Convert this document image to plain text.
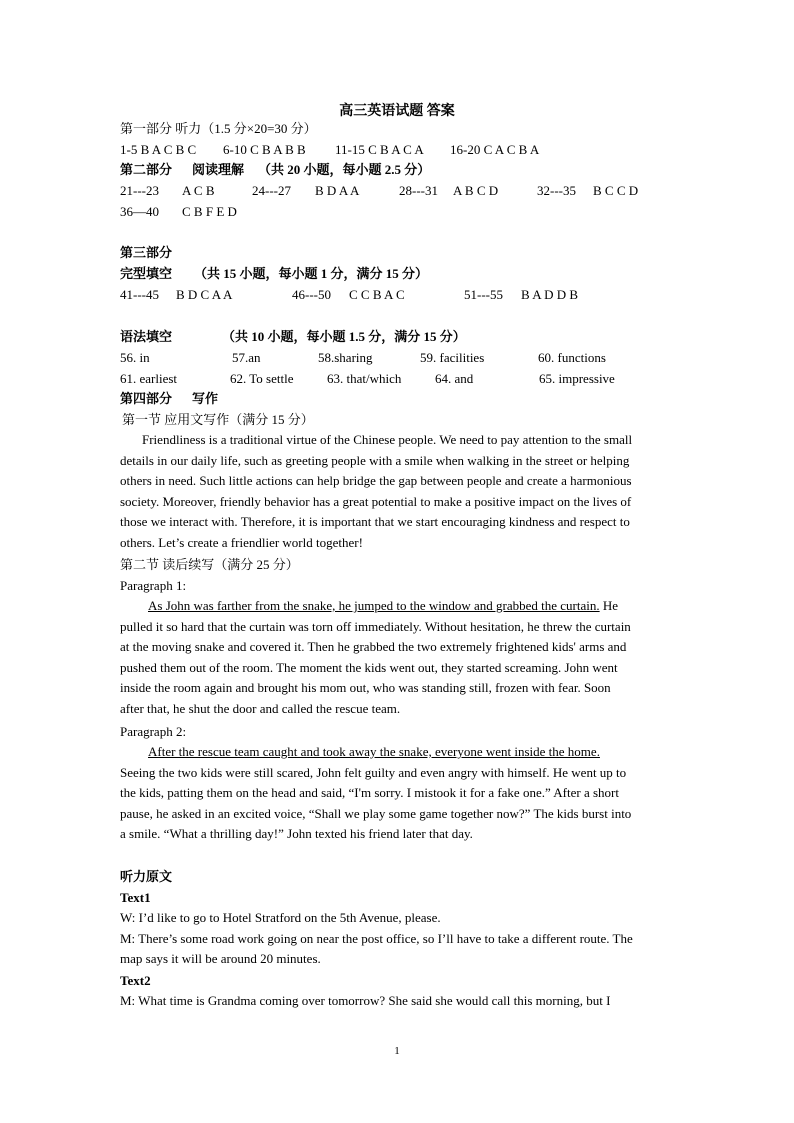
高三英语试题 答案
第一部分 听力（1.5 分×20=30 分）
1-5 B A C B C 6-10 C B A B B 11-15 C B A C A 16-20 C A C B A
第二部分 阅读理解 （共 20 小题，每小题 2.5 分）
21---23 A C B	24---27 B D A A	28---31 A B C D	32---35 B C C D
36—40 C B F E D
第三部分
完型填空 （共 15 小题，每小题 1 分，满分 15 分）
41---45 B D C A A	46---50 C C B A C	51---55 B A D D B
语法填空	（共 10 小题，每小题 1.5 分，满分 15 分）
56. in	57.an	58.sharing	59. facilities	60. functions
61. earliest	62. To settle	63. that/which	64. and	65. impressive
第四部分 写作
第一节 应用文写作（满分 15 分）
Friendliness is a traditional virtue of the Chinese people. We need to pay attention to the small
details in our daily life, such as greeting people with a smile when walking in the street or helping
others in need. Such little actions can help bridge the gap between people and create a harmonious
society. Moreover, friendly behavior has a great potential to make a positive impact on the lives of
those we interact with. Therefore, it is important that we start encouraging kindness and respect to
others. Let’s create a friendlier world together!
第二节 读后续写（满分 25 分）
Paragraph 1:
As John was farther from the snake, he jumped to the window and grabbed the curtain. He
pulled it so hard that the curtain was torn off immediately. Without hesitation, he threw the curtain
at the moving snake and covered it. Then he grabbed the two extremely frightened kids' arms and
pushed them out of the room. The moment the kids went out, they started screaming. John went
inside the room again and brought his mom out, who was standing still, frozen with fear. Soon
after that, he shut the door and called the rescue team.
Paragraph 2:
After the rescue team caught and took away the snake, everyone went inside the home.
Seeing the two kids were still scared, John felt guilty and even angry with himself. He went up to
the kids, patting them on the head and said, “I'm sorry. I mistook it for a fake one.” After a short
pause, he asked in an excited voice, “Shall we play some game together now?” The kids burst into
a smile. “What a thrilling day!” John texted his friend later that day.
听力原文
Text1
W: I’d like to go to Hotel Stratford on the 5th Avenue, please.
M: There’s some road work going on near the post office, so I’ll have to take a different route. The
map says it will be around 20 minutes.
Text2
M: What time is Grandma coming over tomorrow? She said she would call this morning, but I
1
